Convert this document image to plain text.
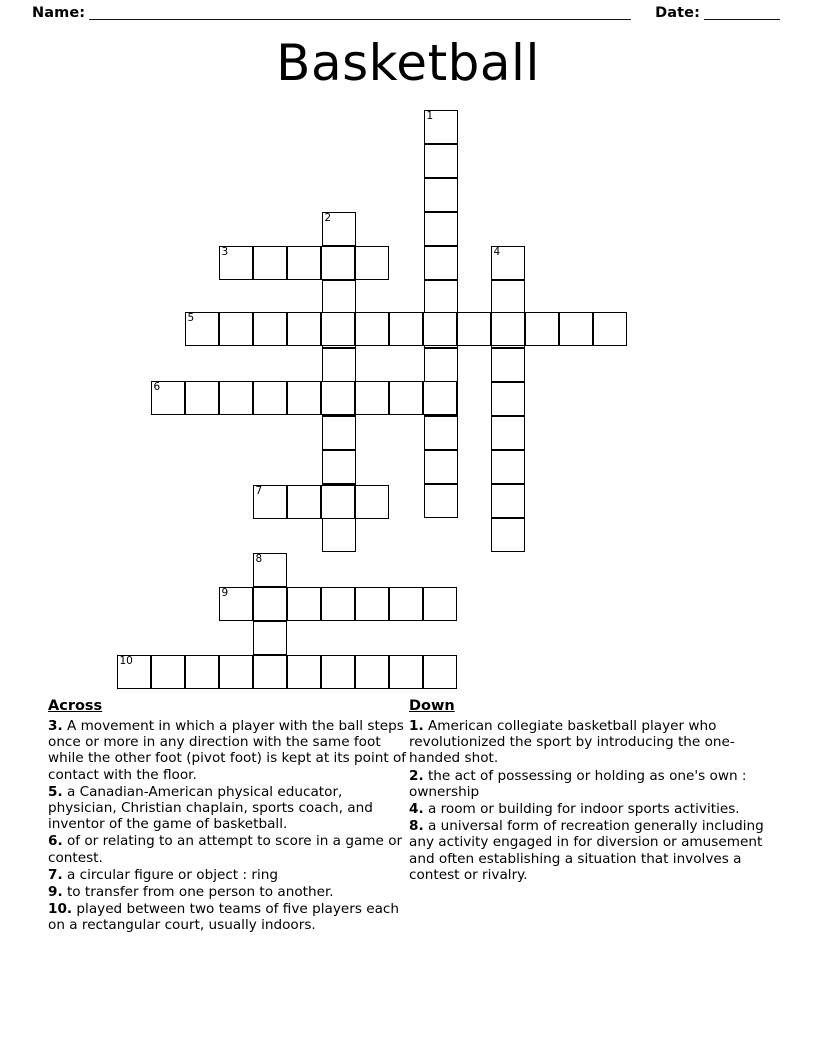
Name:	Date:
Basketball
1
2
3	4
5
6
7
8
9
10
Across
3. A movement in which a player with the ball steps once or more in any direction with the same foot while the other foot (pivot foot) is kept at its point of contact with the floor.
5. a Canadian-American physical educator, physician, Christian chaplain, sports coach, and inventor of the game of basketball.
6. of or relating to an attempt to score in a game or contest.
7. a circular figure or object : ring
9. to transfer from one person to another.
10. played between two teams of five players each on a rectangular court, usually indoors.
Down
1. American collegiate basketball player who revolutionized the sport by introducing the one-handed shot.
2. the act of possessing or holding as one's own : ownership
4. a room or building for indoor sports activities.
8. a universal form of recreation generally including any activity engaged in for diversion or amusement and often establishing a situation that involves a contest or rivalry.
